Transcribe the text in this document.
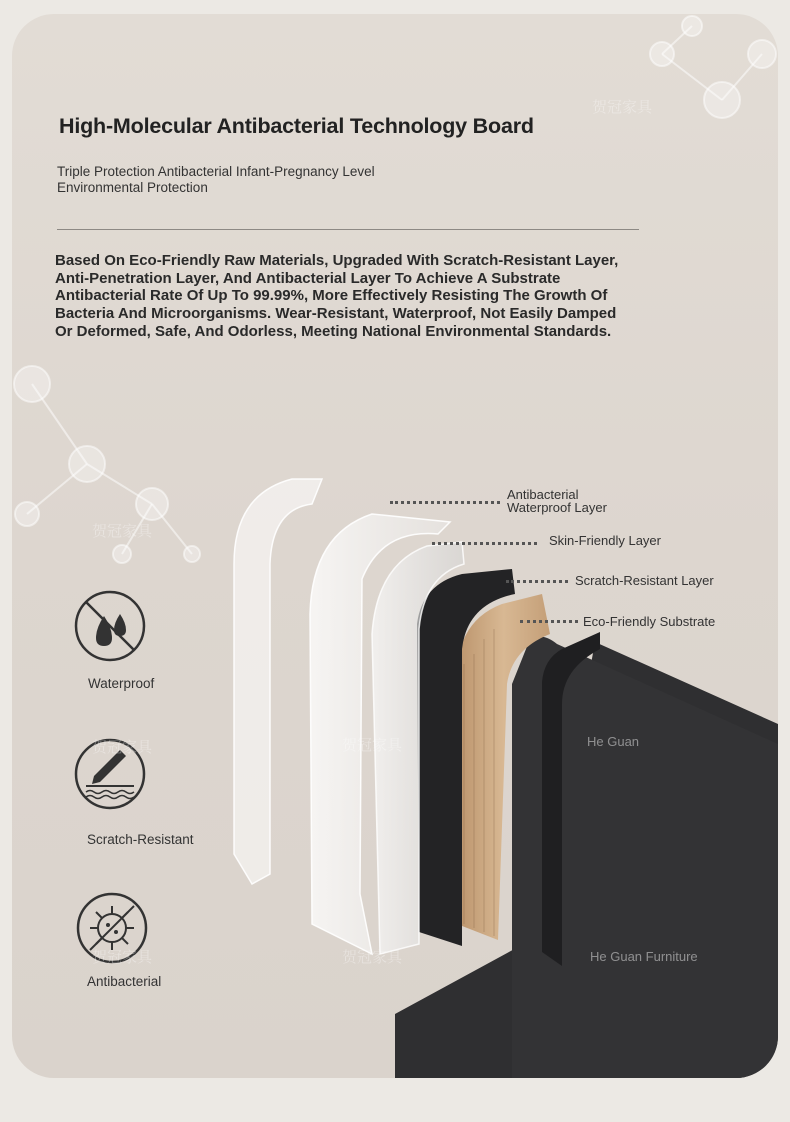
High-Molecular Antibacterial Technology Board
Triple Protection Antibacterial Infant-Pregnancy Level Environmental Protection

Based On Eco-Friendly Raw Materials, Upgraded With Scratch-Resistant Layer,

Anti-Penetration Layer, And Antibacterial Layer To Achieve A Substrate

Antibacterial Rate Of Up To 99.99%, More Effectively Resisting The Growth Of

Bacteria And Microorganisms. Wear-Resistant, Waterproof, Not Easily Damped

Or Deformed, Safe, And Odorless, Meeting National Environmental Standards.

Antibacterial
Waterproof Layer
Skin-Friendly Layer
Scratch-Resistant Layer
Eco-Friendly Substrate
Waterproof
Scratch-Resistant
Antibacterial
贺冠家具
贺冠家具
贺冠家具
贺冠家具
贺冠家具
贺冠家具
He Guan
He Guan Furniture
